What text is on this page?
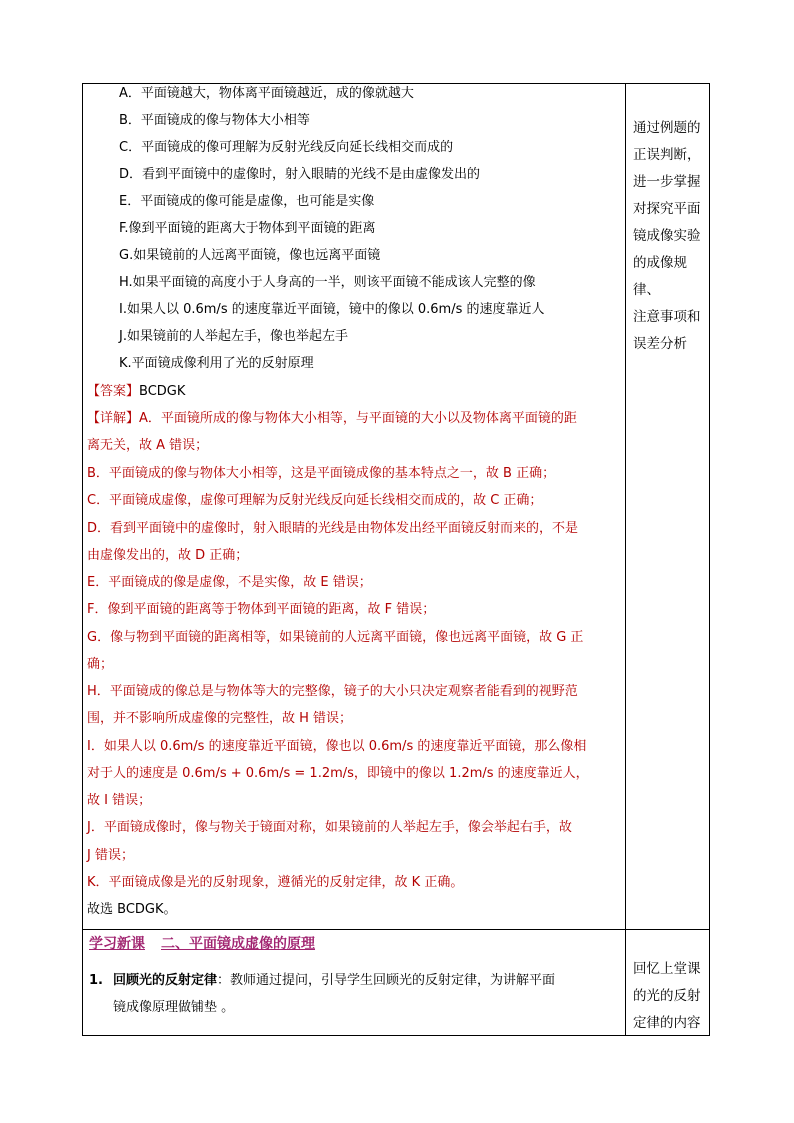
A．平面镜越大，物体离平面镜越近，成的像就越大
B．平面镜成的像与物体大小相等
C．平面镜成的像可理解为反射光线反向延长线相交而成的
D．看到平面镜中的虚像时，射入眼睛的光线不是由虚像发出的
E．平面镜成的像可能是虚像，也可能是实像
F.像到平面镜的距离大于物体到平面镜的距离
G.如果镜前的人远离平面镜，像也远离平面镜
H.如果平面镜的高度小于人身高的一半，则该平面镜不能成该人完整的像
I.如果人以 0.6m/s 的速度靠近平面镜，镜中的像以 0.6m/s 的速度靠近人
J.如果镜前的人举起左手，像也举起左手
K.平面镜成像利用了光的反射原理
【答案】BCDGK
【详解】A．平面镜所成的像与物体大小相等，与平面镜的大小以及物体离平面镜的距
离无关，故 A 错误；
B．平面镜成的像与物体大小相等，这是平面镜成像的基本特点之一，故 B 正确；
C．平面镜成虚像，虚像可理解为反射光线反向延长线相交而成的，故 C 正确；
D．看到平面镜中的虚像时，射入眼睛的光线是由物体发出经平面镜反射而来的，不是
由虚像发出的，故 D 正确；
E．平面镜成的像是虚像，不是实像，故 E 错误；
F．像到平面镜的距离等于物体到平面镜的距离，故 F 错误；
G．像与物到平面镜的距离相等，如果镜前的人远离平面镜，像也远离平面镜，故 G 正
确；
H．平面镜成的像总是与物体等大的完整像，镜子的大小只决定观察者能看到的视野范
围，并不影响所成虚像的完整性，故 H 错误；
I．如果人以 0.6m/s 的速度靠近平面镜，像也以 0.6m/s 的速度靠近平面镜，那么像相
对于人的速度是 0.6m/s + 0.6m/s = 1.2m/s，即镜中的像以 1.2m/s 的速度靠近人，
故 I 错误；
J．平面镜成像时，像与物关于镜面对称，如果镜前的人举起左手，像会举起右手，故
J 错误；
K．平面镜成像是光的反射现象，遵循光的反射定律，故 K 正确。
故选 BCDGK。
通过例题的
正误判断，
进一步掌握
对探究平面
镜成像实验
的成像规律、
注意事项和
误差分析
学习新课 二、平面镜成虚像的原理
1. 回顾光的反射定律：教师通过提问，引导学生回顾光的反射定律，为讲解平面
镜成像原理做铺垫 。
回忆上堂课
的光的反射
定律的内容
